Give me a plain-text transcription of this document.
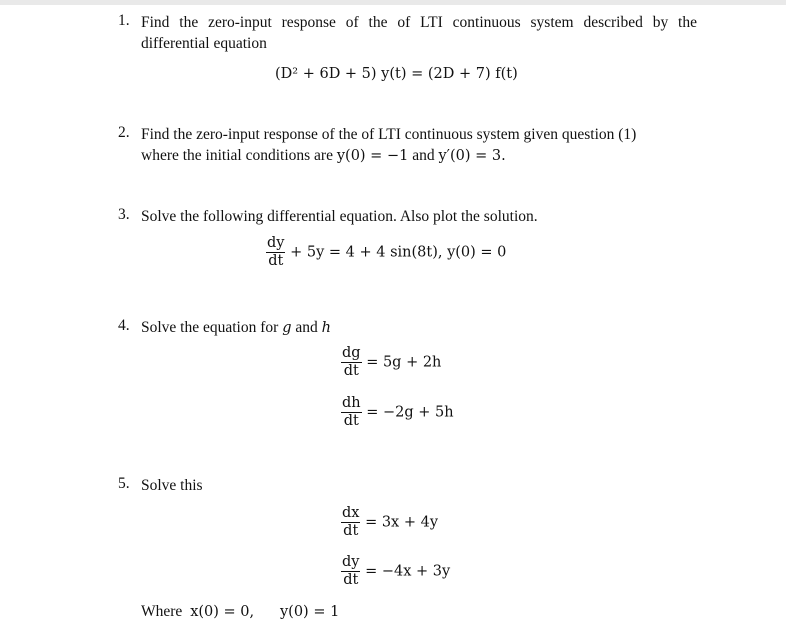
1. Find the zero-input response of the of LTI continuous system described by the
differential equation
(D² + 6D + 5) y(t) = (2D + 7) f(t)
2. Find the zero-input response of the of LTI continuous system given question (1)
where the initial conditions are y(0) = −1 and y′(0) = 3.
3. Solve the following differential equation. Also plot the solution.
$\frac{dy}{dt} + 5y = 4 + 4$ sin(8t), y(0) = 0
4. Solve the equation for g and h
$\frac{dg}{dt} = 5g + 2h$
$\frac{dh}{dt} = -2g + 5h$
5. Solve this
$\frac{dx}{dt} = 3x + 4y$
$\frac{dy}{dt} = -4x + 3y$
Where x(0) = 0, y(0) = 1
